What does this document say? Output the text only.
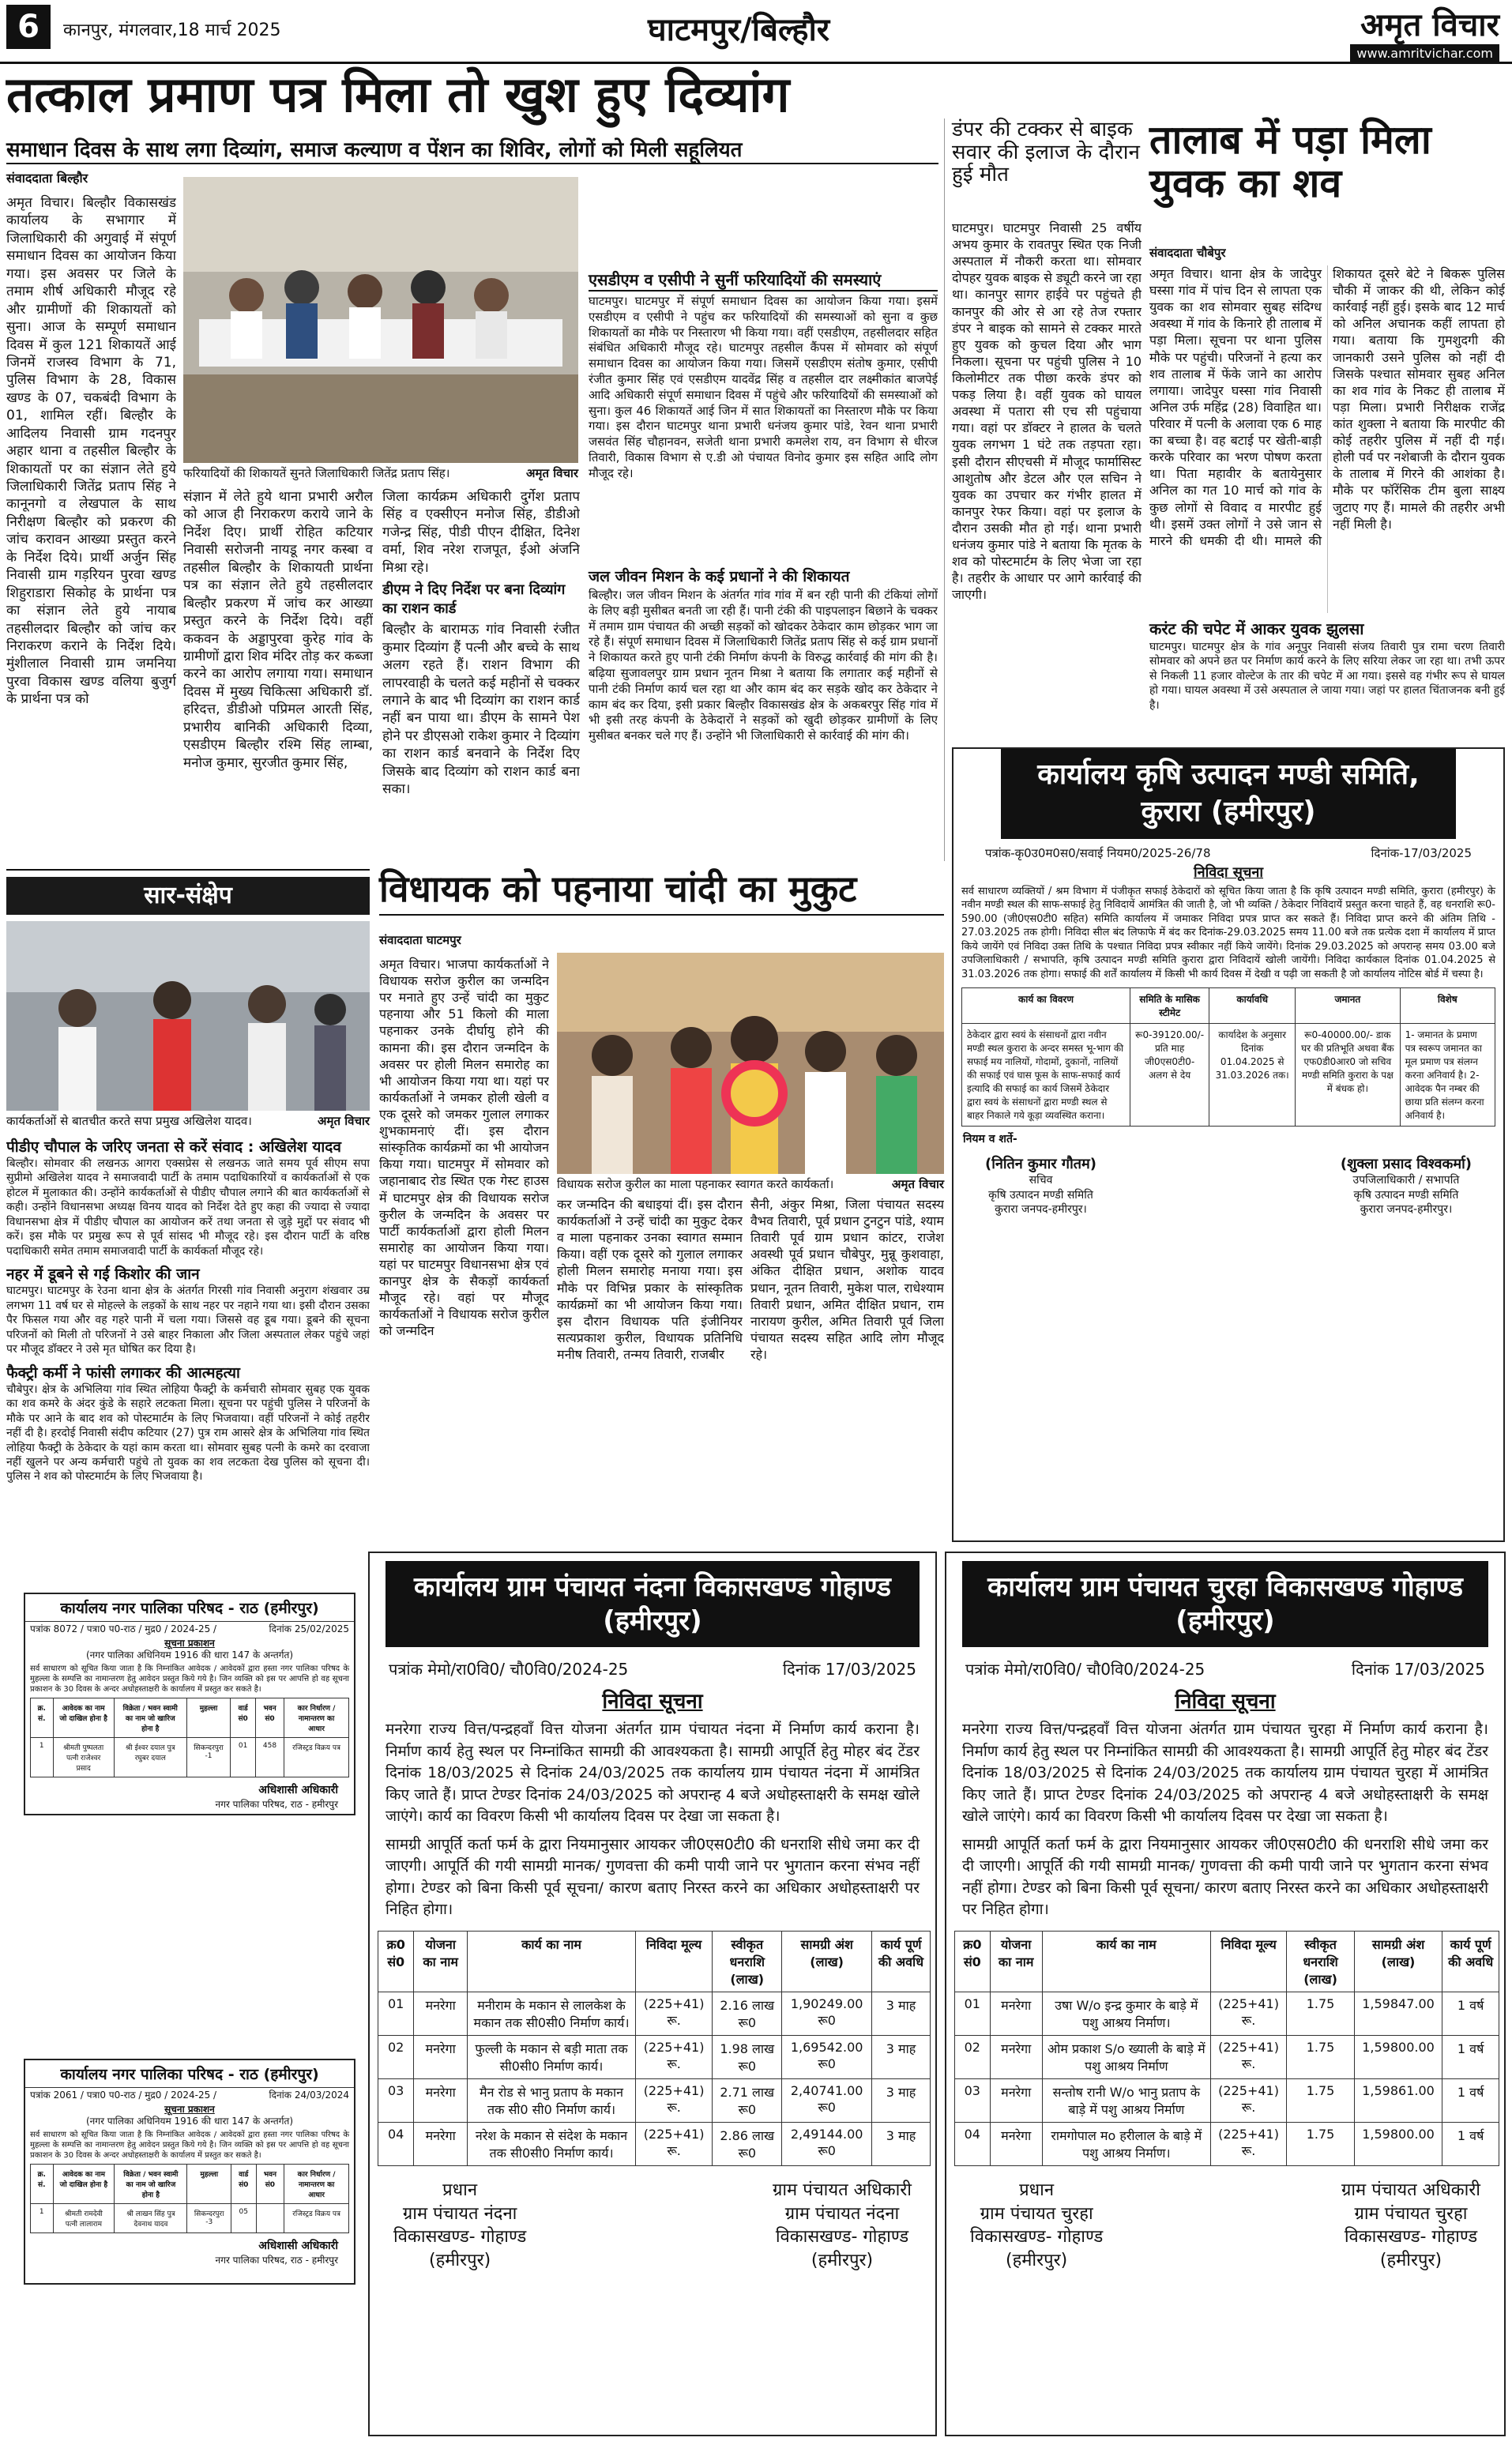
6	कानपुर, मंगलवार,18 मार्च 2025	घाटमपुर/बिल्हौर	अमृत विचार
www.amritvichar.com
तत्काल प्रमाण पत्र मिला तो खुश हुए दिव्यांग
समाधान दिवस के साथ लगा दिव्यांग, समाज कल्याण व पेंशन का शिविर, लोगों को मिली सहूलियत
संवाददाता बिल्हौर
अमृत विचार। बिल्हौर विकासखंड कार्यालय के सभागार में जिलाधिकारी की अगुवाई में संपूर्ण समाधान दिवस का आयोजन किया गया। इस अवसर पर जिले के तमाम शीर्ष अधिकारी मौजूद रहे और ग्रामीणों की शिकायतों को सुना। आज के सम्पूर्ण समाधान दिवस में कुल 121 शिकायतें आई जिनमें राजस्व विभाग के 71, पुलिस विभाग के 28, विकास खण्ड के 07, चकबंदी विभाग के 01, शामिल रहीं। बिल्हौर के आदिलय निवासी ग्राम गदनपुर अहार थाना व तहसील बिल्हौर के शिकायतों पर का संज्ञान लेते हुये जिलाधिकारी जितेंद्र प्रताप सिंह ने कानूनगो व लेखपाल के साथ निरीक्षण बिल्हौर को प्रकरण की जांच करावन आख्या प्रस्तुत करने के निर्देश दिये। प्रार्थी अर्जुन सिंह निवासी ग्राम गड़रियन पुरवा खण्ड शिहुराडारा सिकोह के प्रार्थना पत्र का संज्ञान लेते हुये नायाब तहसीलदार बिल्हौर को जांच कर निराकरण कराने के निर्देश दिये। मुंशीलाल निवासी ग्राम जमनिया पुरवा विकास खण्ड वलिया बुजुर्ग के प्रार्थना पत्र को
फरियादियों की शिकायतें सुनते जिलाधिकारी जितेंद्र प्रताप सिंह।	अमृत विचार
संज्ञान में लेते हुये थाना प्रभारी अरौल को आज ही निराकरण कराये जाने के निर्देश दिए। प्रार्थी रोहित कटियार निवासी सरोजनी नायडू नगर कस्बा व तहसील बिल्हौर के शिकायती प्रार्थना पत्र का संज्ञान लेते हुये तहसीलदार बिल्हौर प्रकरण में जांच कर आख्या प्रस्तुत करने के निर्देश दिये। वहीं ककवन के अड्डापुरवा कुरेह गांव के ग्रामीणों द्वारा शिव मंदिर तोड़ कर कब्जा करने का आरोप लगाया गया। समाधान दिवस में मुख्य चिकित्सा अधिकारी डॉ. हरिदत्त, डीडीओ पप्रिमल आरती सिंह, प्रभारीय बानिकी अधिकारी दिव्या, एसडीएम बिल्हौर रश्मि सिंह लाम्बा, मनोज कुमार, सुरजीत कुमार सिंह,
जिला कार्यक्रम अधिकारी दुर्गेश प्रताप सिंह व एक्सीएन मनोज सिंह, डीडीओ गजेन्द्र सिंह, पीडी पीएन दीक्षित, दिनेश वर्मा, शिव नरेश राजपूत, ईओ अंजनि मिश्रा रहे।
डीएम ने दिए निर्देश पर बना दिव्यांग का राशन कार्ड
बिल्हौर के बारामऊ गांव निवासी रंजीत कुमार दिव्यांग हैं पत्नी और बच्चे के साथ अलग रहते हैं। राशन विभाग की लापरवाही के चलते कई महीनों से चक्कर लगाने के बाद भी दिव्यांग का राशन कार्ड नहीं बन पाया था। डीएम के सामने पेश होने पर डीएसओ राकेश कुमार ने दिव्यांग का राशन कार्ड बनवाने के निर्देश दिए जिसके बाद दिव्यांग को राशन कार्ड बना सका।
एसडीएम व एसीपी ने सुनीं फरियादियों की समस्याएं
घाटमपुर। घाटमपुर में संपूर्ण समाधान दिवस का आयोजन किया गया। इसमें एसडीएम व एसीपी ने पहुंच कर फरियादियों की समस्याओं को सुना व कुछ शिकायतों का मौके पर निस्तारण भी किया गया। वहीं एसडीएम, तहसीलदार सहित संबंधित अधिकारी मौजूद रहे। घाटमपुर तहसील कैंपस में सोमवार को संपूर्ण समाधान दिवस का आयोजन किया गया। जिसमें एसडीएम संतोष कुमार, एसीपी रंजीत कुमार सिंह एवं एसडीएम यादवेंद्र सिंह व तहसील दार लक्ष्मीकांत बाजपेई आदि अधिकारी संपूर्ण समाधान दिवस में पहुंचे और फरियादियों की समस्याओं को सुना। कुल 46 शिकायतें आई जिन में सात शिकायतों का निस्तारण मौके पर किया गया। इस दौरान घाटमपुर थाना प्रभारी धनंजय कुमार पांडे, रेवन थाना प्रभारी जसवंत सिंह चौहानवन, सजेती थाना प्रभारी कमलेश राय, वन विभाग से धीरज तिवारी, विकास विभाग से ए.डी ओ पंचायत विनोद कुमार इस सहित आदि लोग मौजूद रहे।
जल जीवन मिशन के कई प्रधानों ने की शिकायत
बिल्हौर। जल जीवन मिशन के अंतर्गत गांव गांव में बन रही पानी की टंकियां लोगों के लिए बड़ी मुसीबत बनती जा रही हैं। पानी टंकी की पाइपलाइन बिछाने के चक्कर में तमाम ग्राम पंचायत की अच्छी सड़कों को खोदकर ठेकेदार काम छोड़कर भाग जा रहे हैं। संपूर्ण समाधान दिवस में जिलाधिकारी जितेंद्र प्रताप सिंह से कई ग्राम प्रधानों ने शिकायत करते हुए पानी टंकी निर्माण कंपनी के विरुद्ध कार्रवाई की मांग की है। बढ़िया सुजावलपुर ग्राम प्रधान नूतन मिश्रा ने बताया कि लगातार कई महीनों से पानी टंकी निर्माण कार्य चल रहा था और काम बंद कर सड़के खोद कर ठेकेदार ने काम बंद कर दिया, इसी प्रकार बिल्हौर विकासखंड क्षेत्र के अकबरपुर सिंह गांव में भी इसी तरह कंपनी के ठेकेदारों ने सड़कों को खुदी छोड़कर ग्रामीणों के लिए मुसीबत बनकर चले गए हैं। उन्होंने भी जिलाधिकारी से कार्रवाई की मांग की।
डंपर की टक्कर से बाइक सवार की इलाज के दौरान हुई मौत
घाटमपुर। घाटमपुर निवासी 25 वर्षीय अभय कुमार के रावतपुर स्थित एक निजी अस्पताल में नौकरी करता था। सोमवार दोपहर युवक बाइक से ड्यूटी करने जा रहा था। कानपुर सागर हाईवे पर पहुंचते ही कानपुर की ओर से आ रहे तेज रफ्तार डंपर ने बाइक को सामने से टक्कर मारते हुए युवक को कुचल दिया और भाग निकला। सूचना पर पहुंची पुलिस ने 10 किलोमीटर तक पीछा करके डंपर को पकड़ लिया है। वहीं युवक को घायल अवस्था में पतारा सी एच सी पहुंचाया गया। वहां पर डॉक्टर ने हालत के चलते युवक लगभग 1 घंटे तक तड़पता रहा। इसी दौरान सीएचसी में मौजूद फार्मासिस्ट आशुतोष और डेटल और एल सचिन ने युवक का उपचार कर गंभीर हालत में कानपुर रेफर किया। वहां पर इलाज के दौरान उसकी मौत हो गई। थाना प्रभारी धनंजय कुमार पांडे ने बताया कि मृतक के शव को पोस्टमार्टम के लिए भेजा जा रहा है। तहरीर के आधार पर आगे कार्रवाई की जाएगी।
तालाब में पड़ा मिला युवक का शव
संवाददाता चौबेपुर
अमृत विचार। थाना क्षेत्र के जादेपुर घस्सा गांव में पांच दिन से लापता एक युवक का शव सोमवार सुबह संदिग्ध अवस्था में गांव के किनारे ही तालाब में पड़ा मिला। सूचना पर थाना पुलिस मौके पर पहुंची। परिजनों ने हत्या कर शव तालाब में फेंके जाने का आरोप लगाया। जादेपुर घस्सा गांव निवासी अनिल उर्फ महिंद्र (28) विवाहित था। परिवार में पत्नी के अलावा एक 6 माह का बच्चा है। वह बटाई पर खेती-बाड़ी करके परिवार का भरण पोषण करता था। पिता महावीर के बतायेनुसार अनिल का गत 10 मार्च को गांव के कुछ लोगों से विवाद व मारपीट हुई थी। इसमें उक्त लोगों ने उसे जान से मारने की धमकी दी थी। मामले की शिकायत दूसरे बेटे ने बिकरू पुलिस चौकी में जाकर की थी, लेकिन कोई कार्रवाई नहीं हुई। इसके बाद 12 मार्च को अनिल अचानक कहीं लापता हो गया। बताया कि गुमशुदगी की जानकारी उसने पुलिस को नहीं दी जिसके पश्चात सोमवार सुबह अनिल का शव गांव के निकट ही तालाब में पड़ा मिला। प्रभारी निरीक्षक राजेंद्र कांत शुक्ला ने बताया कि मारपीट की कोई तहरीर पुलिस में नहीं दी गई। होली पर्व पर नशेबाजी के दौरान युवक के तालाब में गिरने की आशंका है। मौके पर फॉरेंसिक टीम बुला साक्ष्य जुटाए गए हैं। मामले की तहरीर अभी नहीं मिली है।
करंट की चपेट में आकर युवक झुलसा
घाटमपुर। घाटमपुर क्षेत्र के गांव अनूपुर निवासी संजय तिवारी पुत्र रामा चरण तिवारी सोमवार को अपने छत पर निर्माण कार्य करने के लिए सरिया लेकर जा रहा था। तभी ऊपर से निकली 11 हजार वोल्टेज के तार की चपेट में आ गया। इससे वह गंभीर रूप से घायल हो गया। घायल अवस्था में उसे अस्पताल ले जाया गया। जहां पर हालत चिंताजनक बनी हुई है।
कार्यालय कृषि उत्पादन मण्डी समिति, कुरारा (हमीरपुर)
पत्रांक-कृ0उ0म0स0/सवाई नियम0/2025-26/78	दिनांक-17/03/2025
निविदा सूचना
सर्व साधारण व्यक्तियों / श्रम विभाग में पंजीकृत सफाई ठेकेदारों को सूचित किया जाता है कि कृषि उत्पादन मण्डी समिति, कुरारा (हमीरपुर) के नवीन मण्डी स्थल की साफ-सफाई हेतु निविदायें आमंत्रित की जाती है, जो भी व्यक्ति / ठेकेदार निविदायें प्रस्तुत करना चाहते हैं, वह धनराशि रू0-590.00 (जी0एस0टी0 सहित) समिति कार्यालय में जमाकर निविदा प्रपत्र प्राप्त कर सकते हैं। निविदा प्राप्त करने की अंतिम तिथि - 27.03.2025 तक होगी। निविदा सील बंद लिफाफे में बंद कर दिनांक-29.03.2025 समय 11.00 बजे तक प्रत्येक दशा में कार्यालय में प्राप्त किये जायेंगे एवं निविदा उक्त तिथि के पश्चात निविदा प्रपत्र स्वीकार नहीं किये जायेंगे। दिनांक 29.03.2025 को अपरान्ह समय 03.00 बजे उपजिलाधिकारी / सभापति, कृषि उत्पादन मण्डी समिति कुरारा द्वारा निविदायें खोली जायेंगी। निविदा कार्यकाल दिनांक 01.04.2025 से 31.03.2026 तक होगा। सफाई की शर्तें कार्यालय में किसी भी कार्य दिवस में देखी व पढ़ी जा सकती है जो कार्यालय नोटिस बोर्ड में चस्पा है।
कार्य का विवरण	समिति के मासिक स्टीमेट	कार्यावधि	जमानत	विशेष
ठेकेदार द्वारा स्वयं के संसाधनों द्वारा नवीन मण्डी स्थल कुरारा के अन्दर समस्त भू-भाग की सफाई मय नालियों, गोदामों, दुकानों, नालियों की सफाई एवं घास फूस के साफ-सफाई कार्य इत्यादि की सफाई का कार्य जिसमें ठेकेदार द्वारा स्वयं के संसाधनों द्वारा मण्डी स्थल से बाहर निकाले गये कूड़ा व्यवस्थित कराना।	रू0-39120.00/- प्रति माह जी0एस0टी0-अलग से देय	कार्यादेश के अनुसार दिनांक 01.04.2025 से 31.03.2026 तक।	रू0-40000.00/- डाक घर की प्रतिभूति अथवा बैंक एफ0डी0आर0 जो सचिव मण्डी समिति कुरारा के पक्ष में बंधक हो।	1- जमानत के प्रमाण पत्र स्वरूप जमानत का मूल प्रमाण पत्र संलग्न करना अनिवार्य है। 2- आवेदक पैन नम्बर की छाया प्रति संलग्न करना अनिवार्य है।
नियम व शर्ते-
(नितिन कुमार गौतम)
सचिव
कृषि उत्पादन मण्डी समिति
कुरारा जनपद-हमीरपुर।
(शुक्ला प्रसाद विश्वकर्मा)
उपजिलाधिकारी / सभापति
कृषि उत्पादन मण्डी समिति
कुरारा जनपद-हमीरपुर।
सार-संक्षेप
कार्यकर्ताओं से बातचीत करते सपा प्रमुख अखिलेश यादव।	अमृत विचार
पीडीए चौपाल के जरिए जनता से करें संवाद : अखिलेश यादव
बिल्हौर। सोमवार की लखनऊ आगरा एक्सप्रेस से लखनऊ जाते समय पूर्व सीएम सपा सुप्रीमो अखिलेश यादव ने समाजवादी पार्टी के तमाम पदाधिकारियों व कार्यकर्ताओं से एक होटल में मुलाकात की। उन्होंने कार्यकर्ताओं से पीडीए चौपाल लगाने की बात कार्यकर्ताओं से कही। उन्होंने विधानसभा अध्यक्ष विनय यादव को निर्देश देते हुए कहा की ज्यादा से ज्यादा विधानसभा क्षेत्र में पीडीए चौपाल का आयोजन करें तथा जनता से जुड़े मुद्दों पर संवाद भी करें। इस मौके पर प्रमुख रूप से पूर्व सांसद भी मौजूद रहे। इस दौरान पार्टी के वरिष्ठ पदाधिकारी समेत तमाम समाजवादी पार्टी के कार्यकर्ता मौजूद रहे।
नहर में डूबने से गई किशोर की जान
घाटमपुर। घाटमपुर के रेउना थाना क्षेत्र के अंतर्गत गिरसी गांव निवासी अनुराग शंखवार उम्र लगभग 11 वर्ष घर से मोहल्ले के लड़कों के साथ नहर पर नहाने गया था। इसी दौरान उसका पैर फिसल गया और वह गहरे पानी में चला गया। जिससे वह डूब गया। डूबने की सूचना परिजनों को मिली तो परिजनों ने उसे बाहर निकाला और जिला अस्पताल लेकर पहुंचे जहां पर मौजूद डॉक्टर ने उसे मृत घोषित कर दिया है।
फैक्ट्री कर्मी ने फांसी लगाकर की आत्महत्या
चौबेपुर। क्षेत्र के अभिलिया गांव स्थित लोहिया फैक्ट्री के कर्मचारी सोमवार सुबह एक युवक का शव कमरे के अंदर कुंडे के सहारे लटकता मिला। सूचना पर पहुंची पुलिस ने परिजनों के मौके पर आने के बाद शव को पोस्टमार्टम के लिए भिजवाया। वहीं परिजनों ने कोई तहरीर नहीं दी है। हरदोई निवासी संदीप कटियार (27) पुत्र राम आसरे क्षेत्र के अभिलिया गांव स्थित लोहिया फैक्ट्री के ठेकेदार के यहां काम करता था। सोमवार सुबह पत्नी के कमरे का दरवाजा नहीं खुलने पर अन्य कर्मचारी पहुंचे तो युवक का शव लटकता देख पुलिस को सूचना दी। पुलिस ने शव को पोस्टमार्टम के लिए भिजवाया है।
विधायक को पहनाया चांदी का मुकुट
संवाददाता घाटमपुर
अमृत विचार। भाजपा कार्यकर्ताओं ने विधायक सरोज कुरील का जन्मदिन पर मनाते हुए उन्हें चांदी का मुकुट पहनाया और 51 किलो की माला पहनाकर उनके दीर्घायु होने की कामना की। इस दौरान जन्मदिन के अवसर पर होली मिलन समारोह का भी आयोजन किया गया था। यहां पर कार्यकर्ताओं ने जमकर होली खेली व एक दूसरे को जमकर गुलाल लगाकर शुभकामनाएं दीं। इस दौरान सांस्कृतिक कार्यक्रमों का भी आयोजन किया गया। घाटमपुर में सोमवार को जहानाबाद रोड स्थित एक गेस्ट हाउस में घाटमपुर क्षेत्र की विधायक सरोज कुरील के जन्मदिन के अवसर पर पार्टी कार्यकर्ताओं द्वारा होली मिलन समारोह का आयोजन किया गया। यहां पर घाटमपुर विधानसभा क्षेत्र एवं कानपुर क्षेत्र के सैकड़ों कार्यकर्ता मौजूद रहे। वहां पर मौजूद कार्यकर्ताओं ने विधायक सरोज कुरील को जन्मदिन
विधायक सरोज कुरील का माला पहनाकर स्वागत करते कार्यकर्ता।	अमृत विचार
कर जन्मदिन की बधाइयां दीं। इस दौरान कार्यकर्ताओं ने उन्हें चांदी का मुकुट देकर व माला पहनाकर उनका स्वागत सम्मान किया। वहीं एक दूसरे को गुलाल लगाकर होली मिलन समारोह मनाया गया। इस मौके पर विभिन्न प्रकार के सांस्कृतिक कार्यक्रमों का भी आयोजन किया गया। इस दौरान विधायक पति इंजीनियर सत्यप्रकाश कुरील, विधायक प्रतिनिधि मनीष तिवारी, तन्मय तिवारी, राजबीर
सैनी, अंकुर मिश्रा, जिला पंचायत सदस्य वैभव तिवारी, पूर्व प्रधान टुनटुन पांडे, श्याम तिवारी पूर्व ग्राम प्रधान कांटर, राजेश अवस्थी पूर्व प्रधान चौबेपुर, मुन्नू कुशवाहा, अंकित दीक्षित प्रधान, अशोक यादव प्रधान, नूतन तिवारी, मुकेश पाल, राधेश्याम तिवारी प्रधान, अमित दीक्षित प्रधान, राम नारायण कुरील, अमित तिवारी पूर्व जिला पंचायत सदस्य सहित आदि लोग मौजूद रहे।
कार्यालय नगर पालिका परिषद - राठ (हमीरपुर)
पत्रांक 8072 / पत्रा0 प0-राठ / मुद्र0 / 2024-25 /	दिनांक 25/02/2025
सूचना प्रकाशन
(नगर पालिका अधिनियम 1916 की धारा 147 के अन्तर्गत)
सर्व साधारण को सूचित किया जाता है कि निम्नांकित आवेदक / आवेदकों द्वारा हस्ता नगर पालिका परिषद के मुहल्ला के सम्पत्ति का नामान्तरण हेतु आवेदन प्रस्तुत किये गये है। जिन व्यक्ति को इस पर आपत्ति हो वह सूचना प्रकाशन के 30 दिवस के अन्दर अधोहस्ताक्षरी के कार्यालय में प्रस्तुत कर सकते है।
क्र. सं.	आवेदक का नाम जो दाखिल होना है	विक्रेता / भवन स्वामी का नाम जो खारिज होना है	मुहल्ला	वार्ड सं0	भवन सं0	कार निर्धारण / नामान्तरण का आधार
1	श्रीमती पुष्पलता पत्नी राजेश्वर प्रसाद	श्री ईश्वर दयाल पुत्र रघुबर दयाल	सिकन्दरपुरा -1	01	458	रजिस्ट्रड विक्रय पत्र
अधिशासी अधिकारी
नगर पालिका परिषद, राठ - हमीरपुर
कार्यालय नगर पालिका परिषद - राठ (हमीरपुर)
पत्रांक 2061 / पत्रा0 प0-राठ / मुद्र0 / 2024-25 /	दिनांक 24/03/2024
सूचना प्रकाशन
(नगर पालिका अधिनियम 1916 की धारा 147 के अन्तर्गत)
सर्व साधारण को सूचित किया जाता है कि निम्नांकित आवेदक / आवेदकों द्वारा हस्ता नगर पालिका परिषद के मुहल्ला के सम्पत्ति का नामान्तरण हेतु आवेदन प्रस्तुत किये गये है। जिन व्यक्ति को इस पर आपत्ति हो वह सूचना प्रकाशन के 30 दिवस के अन्दर अधोहस्ताक्षरी के कार्यालय में प्रस्तुत कर सकते है।
क्र. सं.	आवेदक का नाम जो दाखिल होना है	विक्रेता / भवन स्वामी का नाम जो खारिज होना है	मुहल्ला	वार्ड सं0	भवन सं0	कार निर्धारण / नामान्तरण का आधार
1	श्रीमती रामदेवी पत्नी लालाराम	श्री लाखन सिंह पुत्र देवनाथ यादव	सिकन्दरपुरा -3	05		रजिस्ट्रड विक्रय पत्र
अधिशासी अधिकारी
नगर पालिका परिषद, राठ - हमीरपुर
कार्यालय ग्राम पंचायत नंदना विकासखण्ड गोहाण्ड (हमीरपुर)
पत्रांक मेमो/रा0वि0/ चौ0वि0/2024-25	दिनांक 17/03/2025
निविदा सूचना
मनरेगा राज्य वित्त/पन्द्रहवाँ वित्त योजना अंतर्गत ग्राम पंचायत नंदना में निर्माण कार्य कराना है। निर्माण कार्य हेतु स्थल पर निम्नांकित सामग्री की आवश्यकता है। सामग्री आपूर्ति हेतु मोहर बंद टेंडर दिनांक 18/03/2025 से दिनांक 24/03/2025 तक कार्यालय ग्राम पंचायत नंदना में आमंत्रित किए जाते हैं। प्राप्त टेण्डर दिनांक 24/03/2025 को अपरान्ह 4 बजे अधोहस्ताक्षरी के समक्ष खोले जाएंगे। कार्य का विवरण किसी भी कार्यालय दिवस पर देखा जा सकता है।
सामग्री आपूर्ति कर्ता फर्म के द्वारा नियमानुसार आयकर जी0एस0टी0 की धनराशि सीधे जमा कर दी जाएगी। आपूर्ति की गयी सामग्री मानक/ गुणवत्ता की कमी पायी जाने पर भुगतान करना संभव नहीं होगा। टेण्डर को बिना किसी पूर्व सूचना/ कारण बताए निरस्त करने का अधिकार अधोहस्ताक्षरी पर निहित होगा।
क्र0 सं0	योजना का नाम	कार्य का नाम	निविदा मूल्य	स्वीकृत धनराशि (लाख)	सामग्री अंश (लाख)	कार्य पूर्ण की अवधि
01	मनरेगा	मनीराम के मकान से लालकेश के मकान तक सी0सी0 निर्माण कार्य।	(225+41) रू.	2.16 लाख रू0	1,90249.00 रू0	3 माह
02	मनरेगा	फुल्ली के मकान से बड़ी माता तक सी0सी0 निर्माण कार्य।	(225+41) रू.	1.98 लाख रू0	1,69542.00 रू0	3 माह
03	मनरेगा	मैन रोड से भानु प्रताप के मकान तक सी0 सी0 निर्माण कार्य।	(225+41) रू.	2.71 लाख रू0	2,40741.00 रू0	3 माह
04	मनरेगा	नरेश के मकान से संदेश के मकान तक सी0सी0 निर्माण कार्य।	(225+41) रू.	2.86 लाख रू0	2,49144.00 रू0	3 माह
प्रधान
ग्राम पंचायत नंदना
विकासखण्ड- गोहाण्ड
(हमीरपुर)
ग्राम पंचायत अधिकारी
ग्राम पंचायत नंदना
विकासखण्ड- गोहाण्ड
(हमीरपुर)
कार्यालय ग्राम पंचायत चुरहा विकासखण्ड गोहाण्ड (हमीरपुर)
पत्रांक मेमो/रा0वि0/ चौ0वि0/2024-25	दिनांक 17/03/2025
निविदा सूचना
मनरेगा राज्य वित्त/पन्द्रहवाँ वित्त योजना अंतर्गत ग्राम पंचायत चुरहा में निर्माण कार्य कराना है। निर्माण कार्य हेतु स्थल पर निम्नांकित सामग्री की आवश्यकता है। सामग्री आपूर्ति हेतु मोहर बंद टेंडर दिनांक 18/03/2025 से दिनांक 24/03/2025 तक कार्यालय ग्राम पंचायत चुरहा में आमंत्रित किए जाते हैं। प्राप्त टेण्डर दिनांक 24/03/2025 को अपरान्ह 4 बजे अधोहस्ताक्षरी के समक्ष खोले जाएंगे। कार्य का विवरण किसी भी कार्यालय दिवस पर देखा जा सकता है।
सामग्री आपूर्ति कर्ता फर्म के द्वारा नियमानुसार आयकर जी0एस0टी0 की धनराशि सीधे जमा कर दी जाएगी। आपूर्ति की गयी सामग्री मानक/ गुणवत्ता की कमी पायी जाने पर भुगतान करना संभव नहीं होगा। टेण्डर को बिना किसी पूर्व सूचना/ कारण बताए निरस्त करने का अधिकार अधोहस्ताक्षरी पर निहित होगा।
क्र0 सं0	योजना का नाम	कार्य का नाम	निविदा मूल्य	स्वीकृत धनराशि (लाख)	सामग्री अंश (लाख)	कार्य पूर्ण की अवधि
01	मनरेगा	उषा W/o इन्द्र कुमार के बाड़े में पशु आश्रय निर्माण।	(225+41) रू.	1.75	1,59847.00	1 वर्ष
02	मनरेगा	ओम प्रकाश S/o ख्याली के बाड़े में पशु आश्रय निर्माण	(225+41) रू.	1.75	1,59800.00	1 वर्ष
03	मनरेगा	सन्तोष रानी W/o भानु प्रताप के बाड़े में पशु आश्रय निर्माण	(225+41) रू.	1.75	1,59861.00	1 वर्ष
04	मनरेगा	रामगोपाल मo हरीलाल के बाड़े में पशु आश्रय निर्माण।	(225+41) रू.	1.75	1,59800.00	1 वर्ष
प्रधान
ग्राम पंचायत चुरहा
विकासखण्ड- गोहाण्ड
(हमीरपुर)
ग्राम पंचायत अधिकारी
ग्राम पंचायत चुरहा
विकासखण्ड- गोहाण्ड
(हमीरपुर)
